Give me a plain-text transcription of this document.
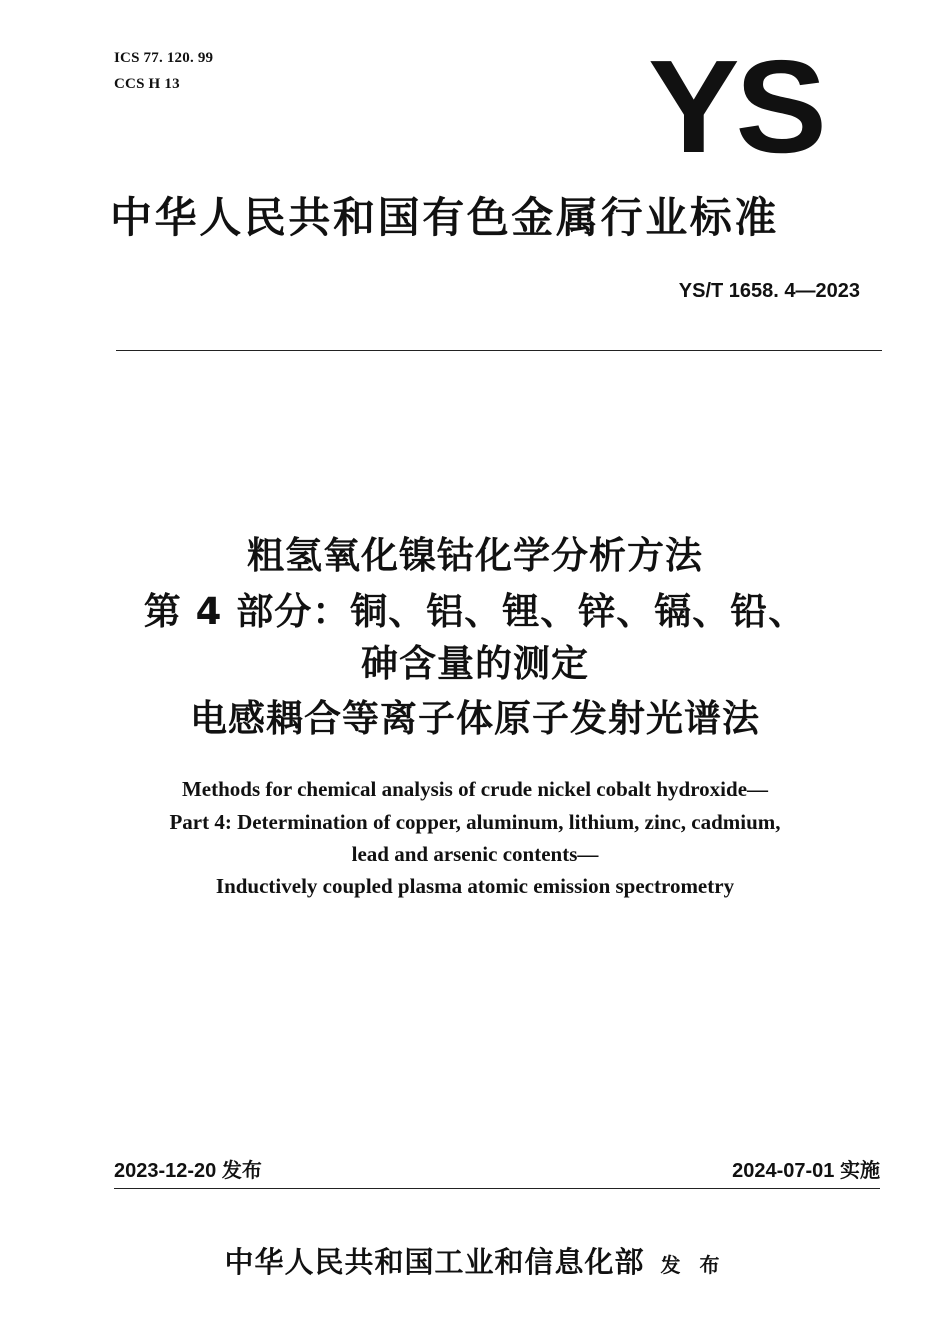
ICS 77. 120. 99
CCS H 13	YS
中华人民共和国有色金属行业标准
YS/T 1658. 4—2023
粗氢氧化镍钴化学分析方法
第 4 部分：铜、铝、锂、锌、镉、铅、
砷含量的测定
电感耦合等离子体原子发射光谱法
Methods for chemical analysis of crude nickel cobalt hydroxide—
Part 4: Determination of copper, aluminum, lithium, zinc, cadmium,
lead and arsenic contents—
Inductively coupled plasma atomic emission spectrometry
2023-12-20 发布	2024-07-01 实施
中华人民共和国工业和信息化部 发 布
